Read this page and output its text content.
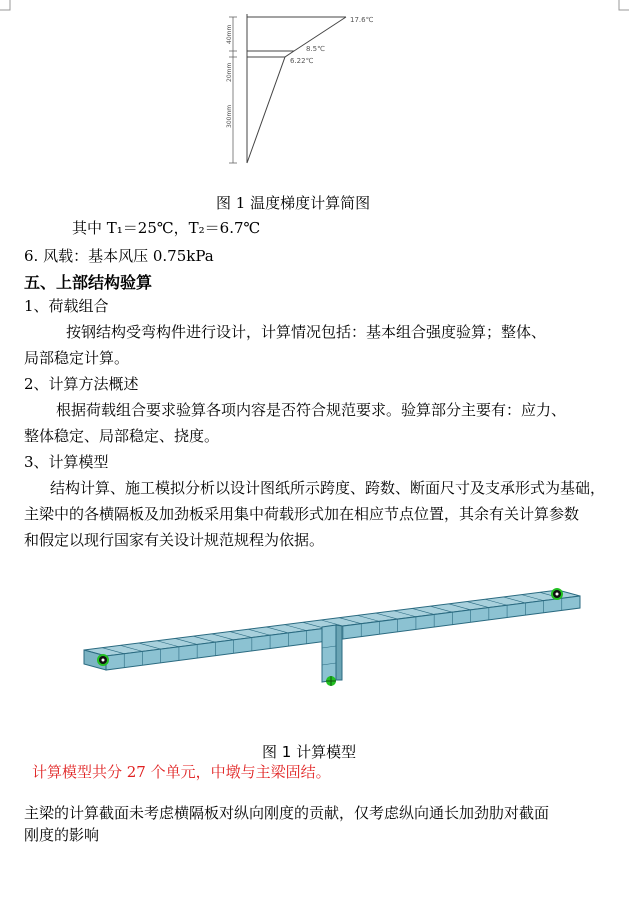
40mm
20mm
300mm
17.6℃
8.5℃
6.22℃
图 1 温度梯度计算简图
其中 T₁＝25℃，T₂＝6.7℃
6. 风载：基本风压 0.75kPa
五、上部结构验算
1、荷载组合
按钢结构受弯构件进行设计，计算情况包括：基本组合强度验算；整体、
局部稳定计算。
2、计算方法概述
根据荷载组合要求验算各项内容是否符合规范要求。验算部分主要有：应力、
整体稳定、局部稳定、挠度。
3、计算模型
结构计算、施工模拟分析以设计图纸所示跨度、跨数、断面尺寸及支承形式为基础，
主梁中的各横隔板及加劲板采用集中荷载形式加在相应节点位置，其余有关计算参数
和假定以现行国家有关设计规范规程为依据。
图 1 计算模型
计算模型共分 27 个单元，中墩与主梁固结。
主梁的计算截面未考虑横隔板对纵向刚度的贡献，仅考虑纵向通长加劲肋对截面
刚度的影响
